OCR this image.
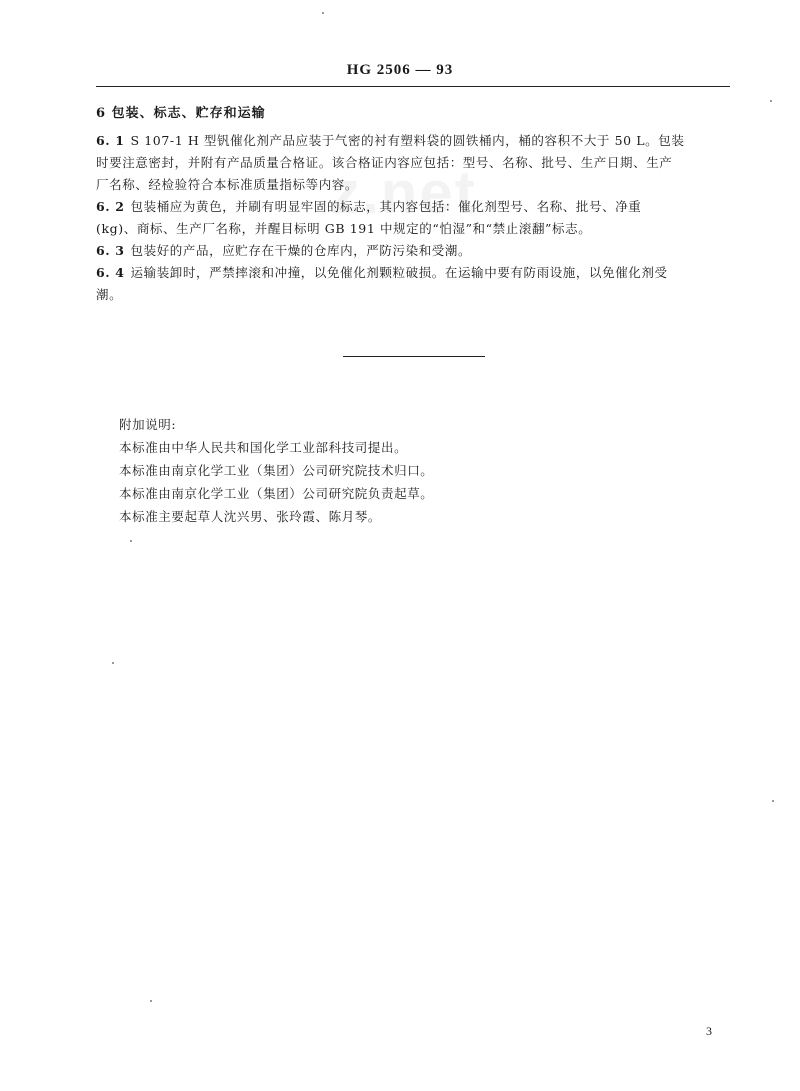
HG 2506 — 93
z.net
6 包装、标志、贮存和运输

6. 1 S 107-1 H 型钒催化剂产品应装于气密的衬有塑料袋的圆铁桶内，桶的容积不大于 50 L。包装

时要注意密封，并附有产品质量合格证。该合格证内容应包括：型号、名称、批号、生产日期、生产

厂名称、经检验符合本标准质量指标等内容。

6. 2 包装桶应为黄色，并刷有明显牢固的标志，其内容包括：催化剂型号、名称、批号、净重

(kg)、商标、生产厂名称，并醒目标明 GB 191 中规定的“怕湿”和“禁止滚翻”标志。

6. 3 包装好的产品，应贮存在干燥的仓库内，严防污染和受潮。

6. 4 运输装卸时，严禁摔滚和冲撞，以免催化剂颗粒破损。在运输中要有防雨设施，以免催化剂受

潮。

附加说明:

本标准由中华人民共和国化学工业部科技司提出。

本标准由南京化学工业（集团）公司研究院技术归口。

本标准由南京化学工业（集团）公司研究院负责起草。

本标准主要起草人沈兴男、张玲霞、陈月琴。

3
